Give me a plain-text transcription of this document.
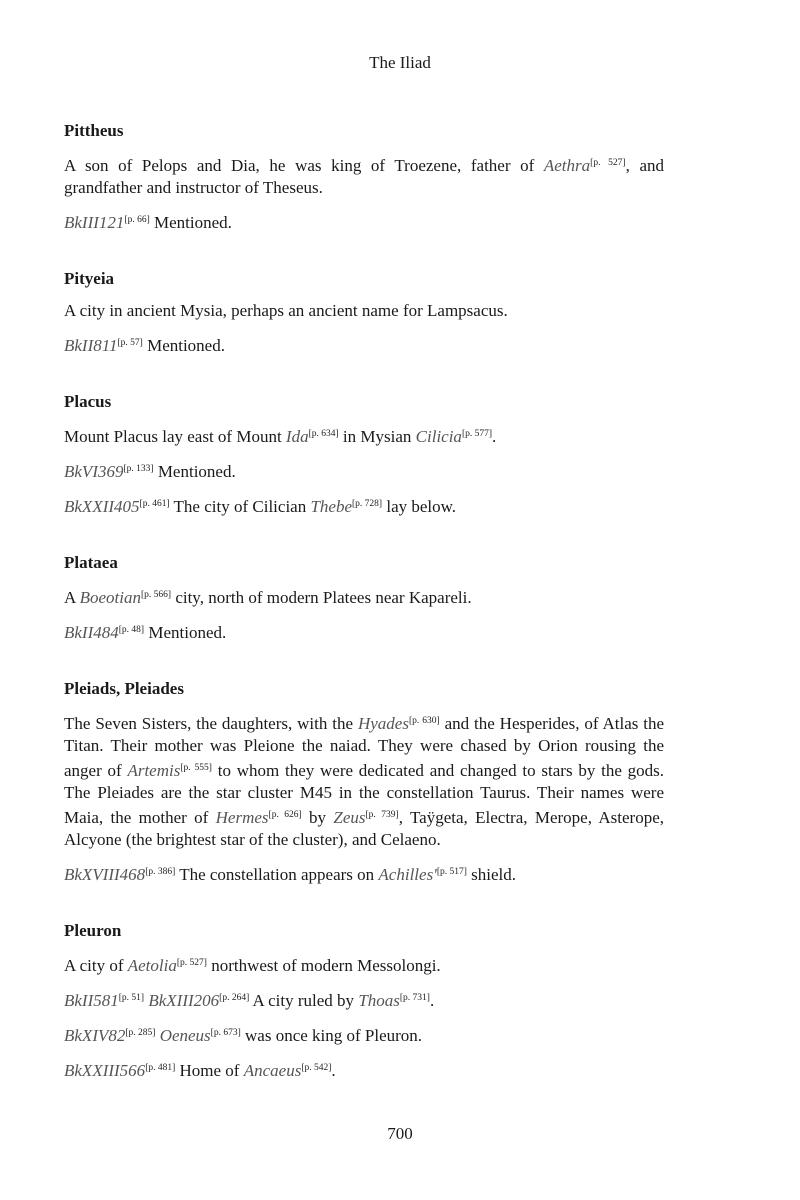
The Iliad
Pittheus

A son of Pelops and Dia, he was king of Troezene, father of Aethra[p. 527], and grandfather and instructor of Theseus.

BkIII121[p. 66] Mentioned.

Pityeia

A city in ancient Mysia, perhaps an ancient name for Lampsacus.

BkII811[p. 57] Mentioned.

Placus

Mount Placus lay east of Mount Ida[p. 634] in Mysian Cilicia[p. 577].

BkVI369[p. 133] Mentioned.

BkXXII405[p. 461] The city of Cilician Thebe[p. 728] lay below.

Plataea

A Boeotian[p. 566] city, north of modern Platees near Kapareli.

BkII484[p. 48] Mentioned.

Pleiads, Pleiades

The Seven Sisters, the daughters, with the Hyades[p. 630] and the Hesperides, of Atlas the Titan. Their mother was Pleione the naiad. They were chased by Orion rousing the anger of Artemis[p. 555] to whom they were dedicated and changed to stars by the gods. The Pleiades are the star cluster M45 in the constellation Taurus. Their names were Maia, the mother of Hermes[p. 626] by Zeus[p. 739], Taÿgeta, Electra, Merope, Asterope, Alcyone (the brightest star of the cluster), and Celaeno.

BkXVIII468[p. 386] The constellation appears on Achilles'[p. 517] shield.

Pleuron

A city of Aetolia[p. 527] northwest of modern Messolongi.

BkII581[p. 51] BkXIII206[p. 264] A city ruled by Thoas[p. 731].

BkXIV82[p. 285] Oeneus[p. 673] was once king of Pleuron.

BkXXIII566[p. 481] Home of Ancaeus[p. 542].

700
